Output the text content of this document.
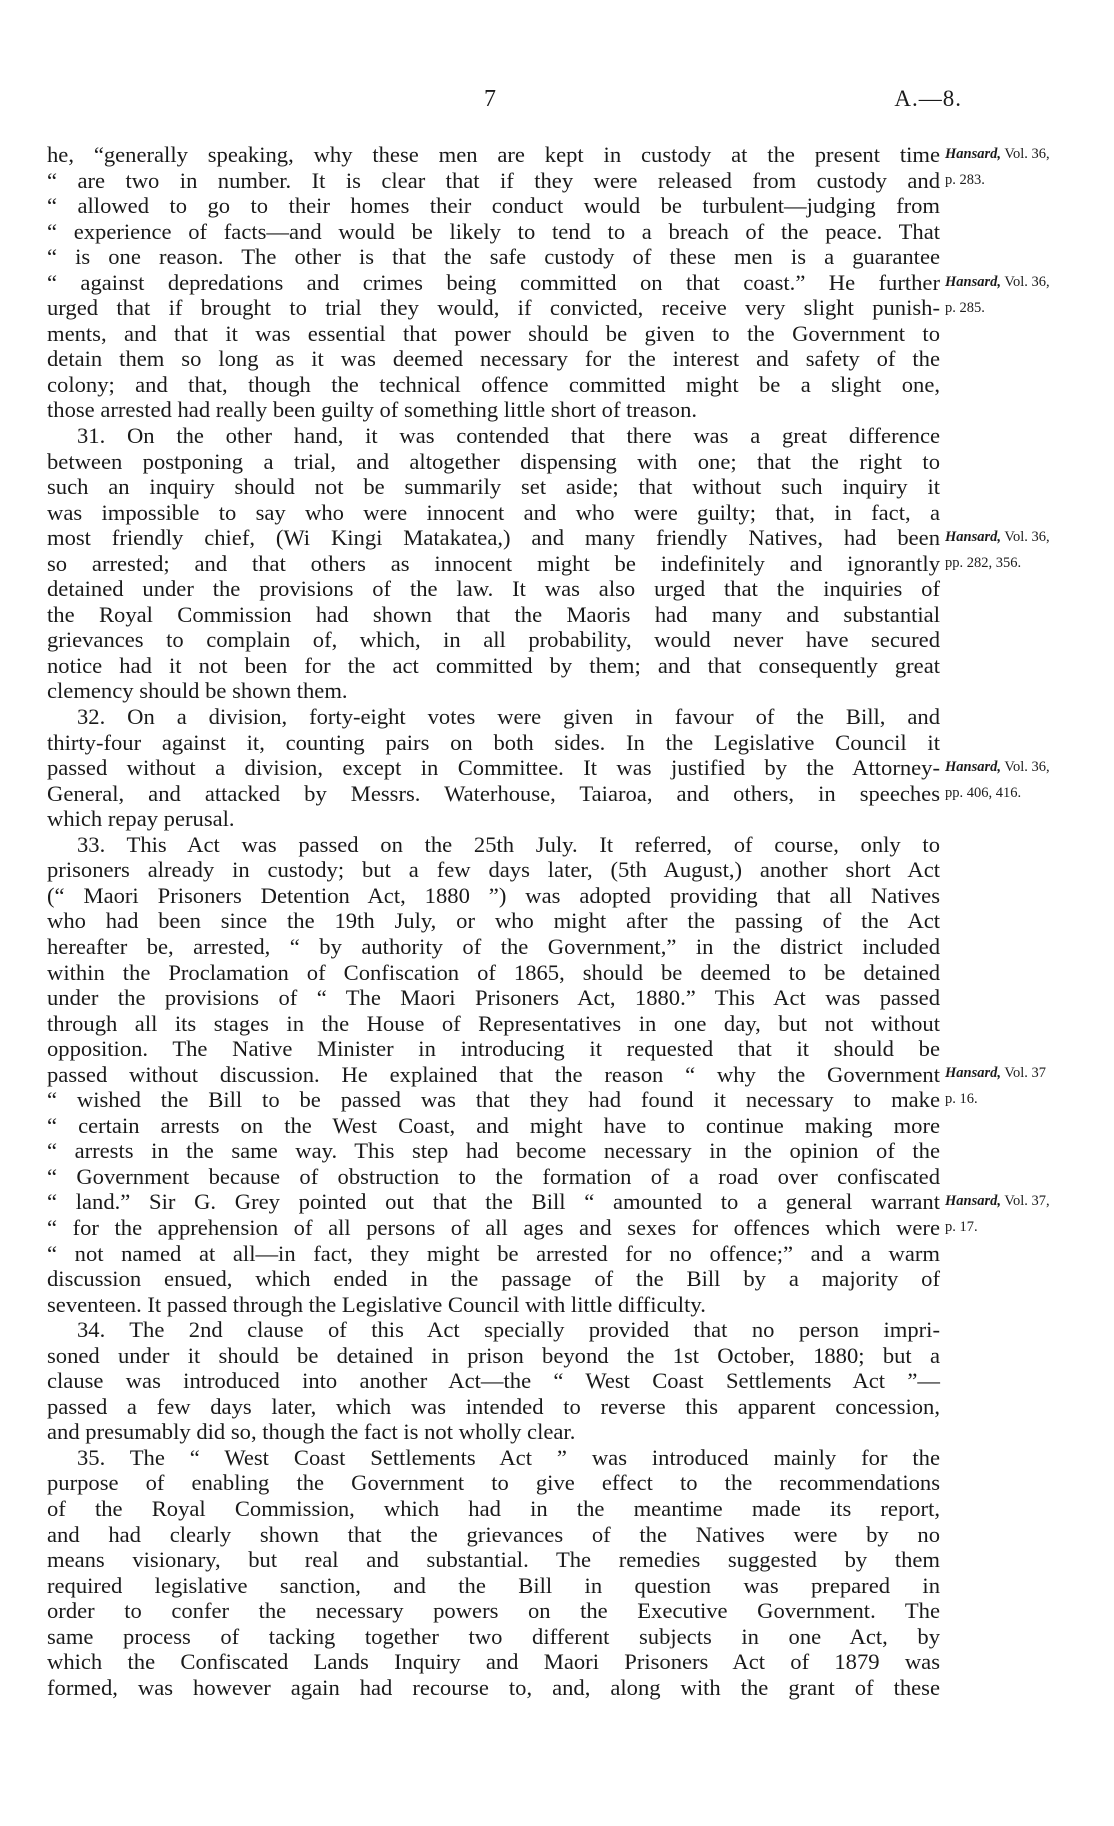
7	A.—8.
he, “generally speaking, why these men are kept in custody at the present time
“ are two in number. It is clear that if they were released from custody and
“ allowed to go to their homes their conduct would be turbulent—judging from
“ experience of facts—and would be likely to tend to a breach of the peace. That
“ is one reason. The other is that the safe custody of these men is a guarantee
“ against depredations and crimes being committed on that coast.” He further
urged that if brought to trial they would, if convicted, receive very slight punish-
ments, and that it was essential that power should be given to the Government to
detain them so long as it was deemed necessary for the interest and safety of the
colony; and that, though the technical offence committed might be a slight one,
those arrested had really been guilty of something little short of treason.
31. On the other hand, it was contended that there was a great difference
between postponing a trial, and altogether dispensing with one; that the right to
such an inquiry should not be summarily set aside; that without such inquiry it
was impossible to say who were innocent and who were guilty; that, in fact, a
most friendly chief, (Wi Kingi Matakatea,) and many friendly Natives, had been
so arrested; and that others as innocent might be indefinitely and ignorantly
detained under the provisions of the law. It was also urged that the inquiries of
the Royal Commission had shown that the Maoris had many and substantial
grievances to complain of, which, in all probability, would never have secured
notice had it not been for the act committed by them; and that consequently great
clemency should be shown them.
32. On a division, forty-eight votes were given in favour of the Bill, and
thirty-four against it, counting pairs on both sides. In the Legislative Council it
passed without a division, except in Committee. It was justified by the Attorney-
General, and attacked by Messrs. Waterhouse, Taiaroa, and others, in speeches
which repay perusal.
33. This Act was passed on the 25th July. It referred, of course, only to
prisoners already in custody; but a few days later, (5th August,) another short Act
(“ Maori Prisoners Detention Act, 1880 ”) was adopted providing that all Natives
who had been since the 19th July, or who might after the passing of the Act
hereafter be, arrested, “ by authority of the Government,” in the district included
within the Proclamation of Confiscation of 1865, should be deemed to be detained
under the provisions of “ The Maori Prisoners Act, 1880.” This Act was passed
through all its stages in the House of Representatives in one day, but not without
opposition. The Native Minister in introducing it requested that it should be
passed without discussion. He explained that the reason “ why the Government
“ wished the Bill to be passed was that they had found it necessary to make
“ certain arrests on the West Coast, and might have to continue making more
“ arrests in the same way. This step had become necessary in the opinion of the
“ Government because of obstruction to the formation of a road over confiscated
“ land.” Sir G. Grey pointed out that the Bill “ amounted to a general warrant
“ for the apprehension of all persons of all ages and sexes for offences which were
“ not named at all—in fact, they might be arrested for no offence;” and a warm
discussion ensued, which ended in the passage of the Bill by a majority of
seventeen. It passed through the Legislative Council with little difficulty.
34. The 2nd clause of this Act specially provided that no person impri-
soned under it should be detained in prison beyond the 1st October, 1880; but a
clause was introduced into another Act—the “ West Coast Settlements Act ”—
passed a few days later, which was intended to reverse this apparent concession,
and presumably did so, though the fact is not wholly clear.
35. The “ West Coast Settlements Act ” was introduced mainly for the
purpose of enabling the Government to give effect to the recommendations
of the Royal Commission, which had in the meantime made its report,
and had clearly shown that the grievances of the Natives were by no
means visionary, but real and substantial. The remedies suggested by them
required legislative sanction, and the Bill in question was prepared in
order to confer the necessary powers on the Executive Government. The
same process of tacking together two different subjects in one Act, by
which the Confiscated Lands Inquiry and Maori Prisoners Act of 1879 was
formed, was however again had recourse to, and, along with the grant of these
Hansard, Vol. 36,
p. 283.
Hansard, Vol. 36,
p. 285.
Hansard, Vol. 36,
pp. 282, 356.
Hansard, Vol. 36,
pp. 406, 416.
Hansard, Vol. 37
p. 16.
Hansard, Vol. 37,
p. 17.
